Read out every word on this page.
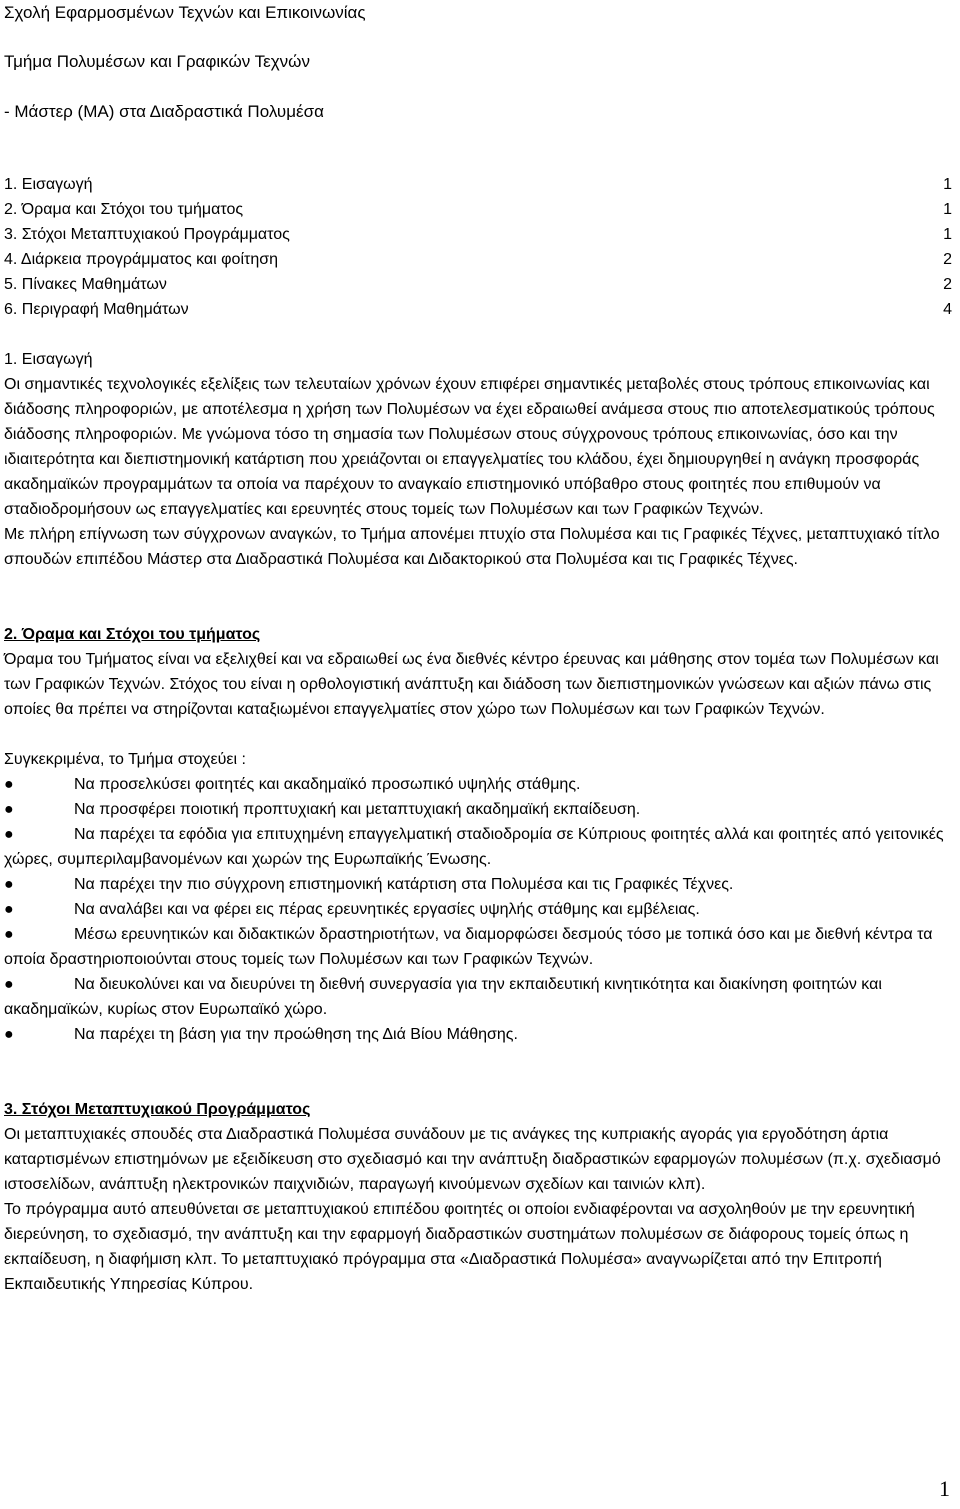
Σχολή Εφαρμοσμένων Τεχνών και Επικοινωνίας

Τμήμα Πολυμέσων και Γραφικών Τεχνών

- Μάστερ (MA) στα Διαδραστικά Πολυμέσα

1. Εισαγωγή	1
2. Όραμα και Στόχοι του τμήματος	1
3. Στόχοι Μεταπτυχιακού Προγράμματος	1
4. Διάρκεια προγράμματος και φοίτηση	2
5. Πίνακες Μαθημάτων	2
6. Περιγραφή Μαθημάτων	4

1. Εισαγωγή

Οι σημαντικές τεχνολογικές εξελίξεις των τελευταίων χρόνων έχουν επιφέρει σημαντικές μεταβολές στους τρόπους επικοινωνίας και διάδοσης πληροφοριών, με αποτέλεσμα η χρήση των Πολυμέσων να έχει εδραιωθεί ανάμεσα στους πιο αποτελεσματικούς τρόπους διάδοσης πληροφοριών. Με γνώμονα τόσο τη σημασία των Πολυμέσων στους σύγχρονους τρόπους επικοινωνίας, όσο και την ιδιαιτερότητα και διεπιστημονική κατάρτιση που χρειάζονται οι επαγγελματίες του κλάδου, έχει δημιουργηθεί η ανάγκη προσφοράς ακαδημαϊκών προγραμμάτων τα οποία να παρέχουν το αναγκαίο επιστημονικό υπόβαθρο στους φοιτητές που επιθυμούν να σταδιοδρομήσουν ως επαγγελματίες και ερευνητές στους τομείς των Πολυμέσων και των Γραφικών Τεχνών.

Με πλήρη επίγνωση των σύγχρονων αναγκών, το Τμήμα απονέμει πτυχίο στα Πολυμέσα και τις Γραφικές Τέχνες, μεταπτυχιακό τίτλο σπουδών επιπέδου Μάστερ στα Διαδραστικά Πολυμέσα και Διδακτορικού στα Πολυμέσα και τις Γραφικές Τέχνες.

2. Όραμα και Στόχοι του τμήματος

Όραμα του Τμήματος είναι να εξελιχθεί και να εδραιωθεί ως ένα διεθνές κέντρο έρευνας και μάθησης στον τομέα των Πολυμέσων και των Γραφικών Τεχνών. Στόχος του είναι η ορθολογιστική ανάπτυξη και διάδοση των διεπιστημονικών γνώσεων και αξιών πάνω στις οποίες θα πρέπει να στηρίζονται καταξιωμένοι επαγγελματίες στον χώρο των Πολυμέσων και των Γραφικών Τεχνών.

Συγκεκριμένα, το Τμήμα στοχεύει :

●	Να προσελκύσει φοιτητές και ακαδημαϊκό προσωπικό υψηλής στάθμης.
●	Να προσφέρει ποιοτική προπτυχιακή και μεταπτυχιακή ακαδημαϊκή εκπαίδευση.
●	Να παρέχει τα εφόδια για επιτυχημένη επαγγελματική σταδιοδρομία σε Κύπριους φοιτητές αλλά και φοιτητές από γειτονικές χώρες, συμπεριλαμβανομένων και χωρών της Ευρωπαϊκής Ένωσης.
●	Να παρέχει την πιο σύγχρονη επιστημονική κατάρτιση στα Πολυμέσα και τις Γραφικές Τέχνες.
●	Να αναλάβει και να φέρει εις πέρας ερευνητικές εργασίες υψηλής στάθμης και εμβέλειας.
●	Μέσω ερευνητικών και διδακτικών δραστηριοτήτων, να διαμορφώσει δεσμούς τόσο με τοπικά όσο και με διεθνή κέντρα τα οποία δραστηριοποιούνται στους τομείς των Πολυμέσων και των Γραφικών Τεχνών.
●	Να διευκολύνει και να διευρύνει τη διεθνή συνεργασία για την εκπαιδευτική κινητικότητα και διακίνηση φοιτητών και ακαδημαϊκών, κυρίως στον Ευρωπαϊκό χώρο.
●	Να παρέχει τη βάση για την προώθηση της Διά Βίου Μάθησης.

3. Στόχοι Μεταπτυχιακού Προγράμματος

Οι μεταπτυχιακές σπουδές στα Διαδραστικά Πολυμέσα συνάδουν με τις ανάγκες της κυπριακής αγοράς για εργοδότηση άρτια καταρτισμένων επιστημόνων με εξειδίκευση στο σχεδιασμό και την ανάπτυξη διαδραστικών εφαρμογών πολυμέσων (π.χ. σχεδιασμό ιστοσελίδων, ανάπτυξη ηλεκτρονικών παιχνιδιών, παραγωγή κινούμενων σχεδίων και ταινιών κλπ).

Το πρόγραμμα αυτό απευθύνεται σε μεταπτυχιακού επιπέδου φοιτητές οι οποίοι ενδιαφέρονται να ασχοληθούν με την ερευνητική διερεύνηση, το σχεδιασμό, την ανάπτυξη και την εφαρμογή διαδραστικών συστημάτων πολυμέσων σε διάφορους τομείς όπως η εκπαίδευση, η διαφήμιση κλπ. Το μεταπτυχιακό πρόγραμμα στα «Διαδραστικά Πολυμέσα» αναγνωρίζεται από την Επιτροπή Εκπαιδευτικής Υπηρεσίας Κύπρου.

1
